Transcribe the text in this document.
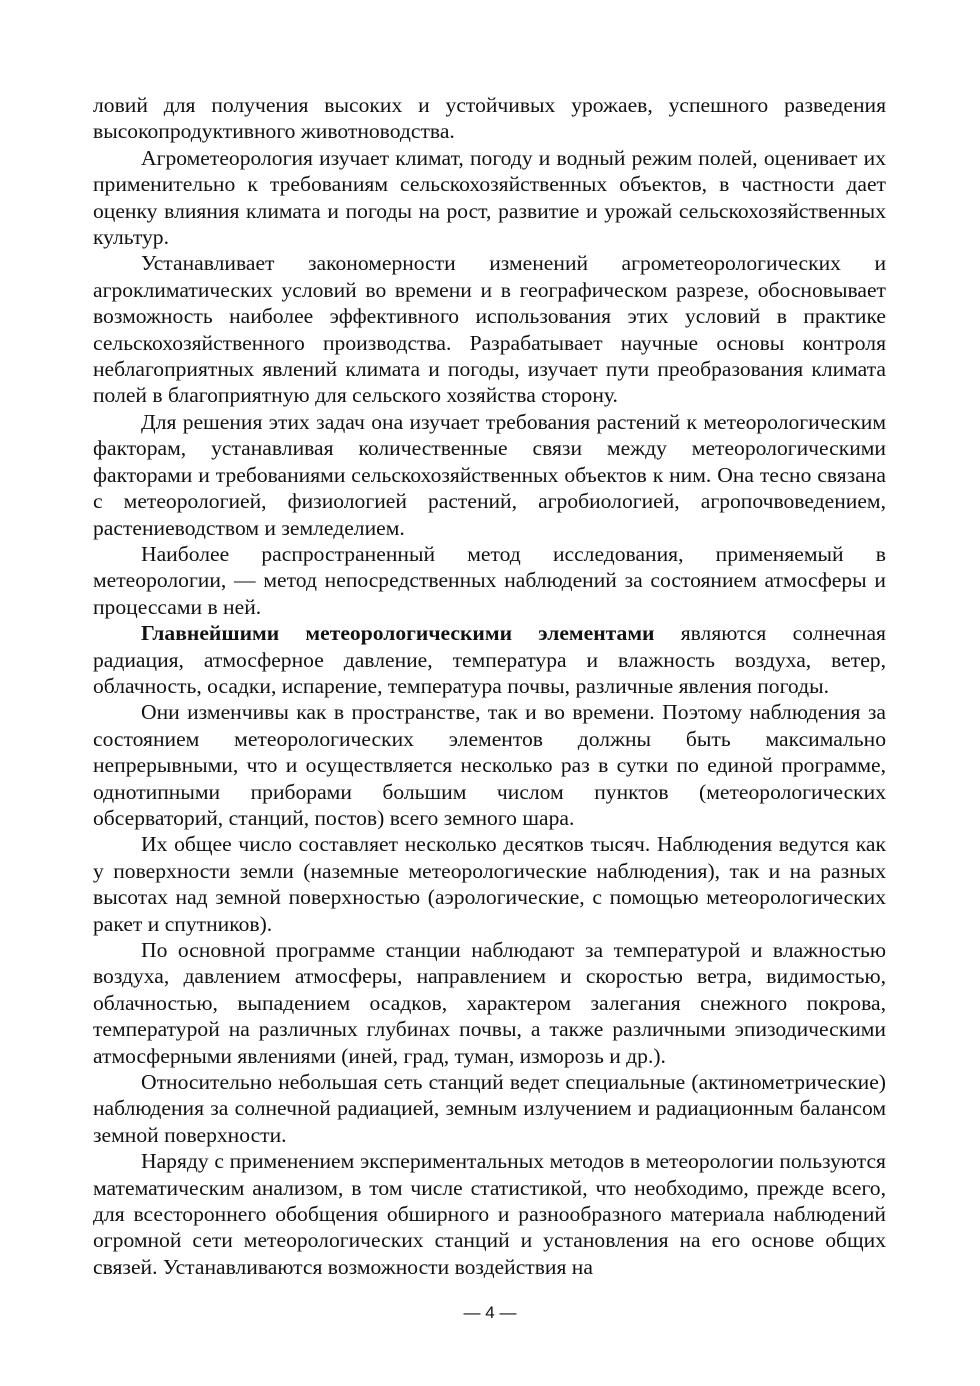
ловий для получения высоких и устойчивых урожаев, успешного разведения высокопродуктивного животноводства.

Агрометеорология изучает климат, погоду и водный режим полей, оценивает их применительно к требованиям сельскохозяйственных объектов, в частности дает оценку влияния климата и погоды на рост, развитие и урожай сельскохозяйственных культур.

Устанавливает закономерности изменений агрометеорологических и агроклиматических условий во времени и в географическом разрезе, обосновывает возможность наиболее эффективного использования этих условий в практике сельскохозяйственного производства. Разрабатывает научные основы контроля неблагоприятных явлений климата и погоды, изучает пути преобразования климата полей в благоприятную для сельского хозяйства сторону.

Для решения этих задач она изучает требования растений к метеорологическим факторам, устанавливая количественные связи между метеорологическими факторами и требованиями сельскохозяйственных объектов к ним. Она тесно связана с метеорологией, физиологией растений, агробиологией, агропочвоведением, растениеводством и земледелием.

Наиболее распространенный метод исследования, применяемый в метеорологии, — метод непосредственных наблюдений за состоянием атмосферы и процессами в ней.

Главнейшими метеорологическими элементами являются солнечная радиация, атмосферное давление, температура и влажность воздуха, ветер, облачность, осадки, испарение, температура почвы, различные явления погоды.

Они изменчивы как в пространстве, так и во времени. Поэтому наблюдения за состоянием метеорологических элементов должны быть максимально непрерывными, что и осуществляется несколько раз в сутки по единой программе, однотипными приборами большим числом пунктов (метеорологических обсерваторий, станций, постов) всего земного шара.

Их общее число составляет несколько десятков тысяч. Наблюдения ведутся как у поверхности земли (наземные метеорологические наблюдения), так и на разных высотах над земной поверхностью (аэрологические, с помощью метеорологических ракет и спутников).

По основной программе станции наблюдают за температурой и влажностью воздуха, давлением атмосферы, направлением и скоростью ветра, видимостью, облачностью, выпадением осадков, характером залегания снежного покрова, температурой на различных глубинах почвы, а также различными эпизодическими атмосферными явлениями (иней, град, туман, изморозь и др.).

Относительно небольшая сеть станций ведет специальные (актинометрические) наблюдения за солнечной радиацией, земным излучением и радиационным балансом земной поверхности.

Наряду с применением экспериментальных методов в метеорологии пользуются математическим анализом, в том числе статистикой, что необходимо, прежде всего, для всестороннего обобщения обширного и разнообразного материала наблюдений огромной сети метеорологических станций и установления на его основе общих связей. Устанавливаются возможности воздействия на

— 4 —
